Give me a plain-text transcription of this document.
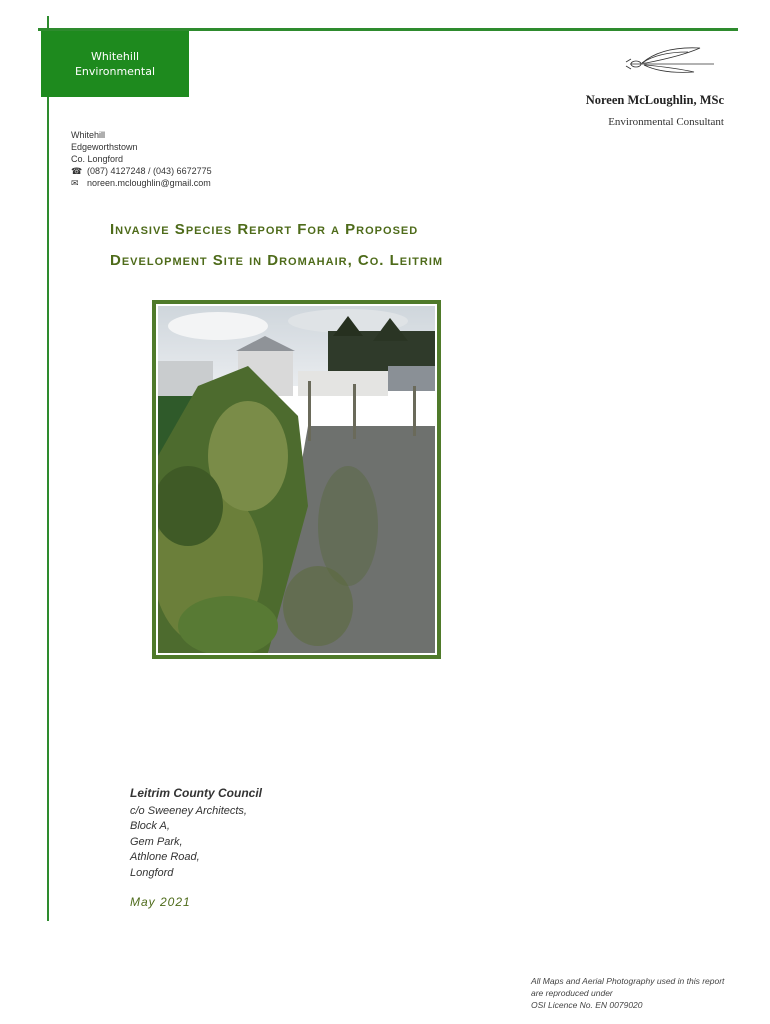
Whitehill
Environmental
Noreen McLoughlin, MSc
Environmental Consultant
Whitehill
Edgeworthstown
Co. Longford
☎ (087) 4127248 / (043) 6672775
✉ noreen.mcloughlin@gmail.com
Invasive Species Report For a Proposed
Development Site in Dromahair, Co. Leitrim
Leitrim County Council
c/o Sweeney Architects,
Block A,
Gem Park,
Athlone Road,
Longford
May 2021
All Maps and Aerial Photography used in this report
are reproduced under
OSI Licence No. EN 0079020
